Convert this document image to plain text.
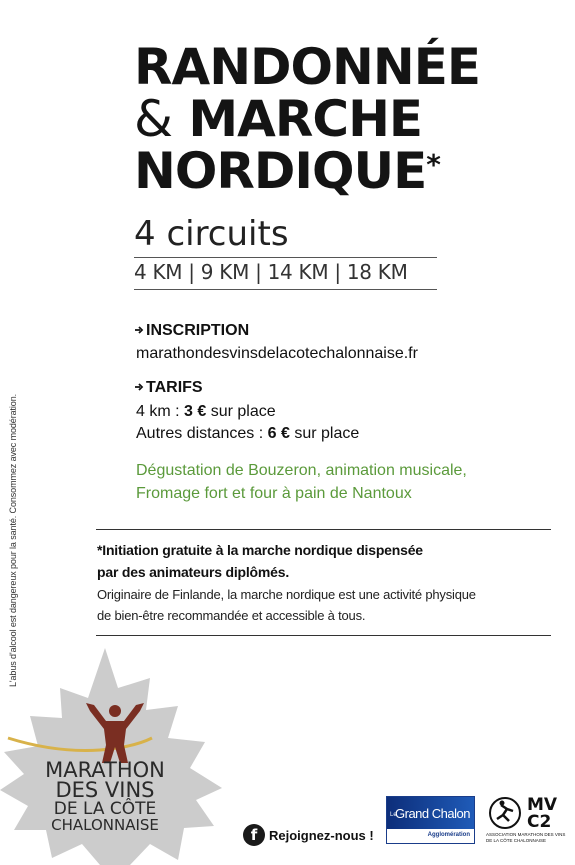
RANDONNÉE
& MARCHE
NORDIQUE*
4 circuits
4 KM | 9 KM | 14 KM | 18 KM
INSCRIPTION
marathondesvinsdelacotechalonnaise.fr
TARIFS
4 km : 3 € sur place
Autres distances : 6 € sur place
Dégustation de Bouzeron, animation musicale,
Fromage fort et four à pain de Nantoux
*Initiation gratuite à la marche nordique dispensée
par des animateurs diplômés.
Originaire de Finlande, la marche nordique est une activité physique
de bien-être recommandée et accessible à tous.
L'abus d'alcool est dangereux pour la santé. Consommez avec modération.
MARATHON
DES VINS
DE LA CÔTE
CHALONNAISE
f Rejoignez-nous !
Le
Grand Chalon
Agglomération
MV
C2
ASSOCIATION MARATHON DES VINS
DE LA CÔTE CHALONNAISE
